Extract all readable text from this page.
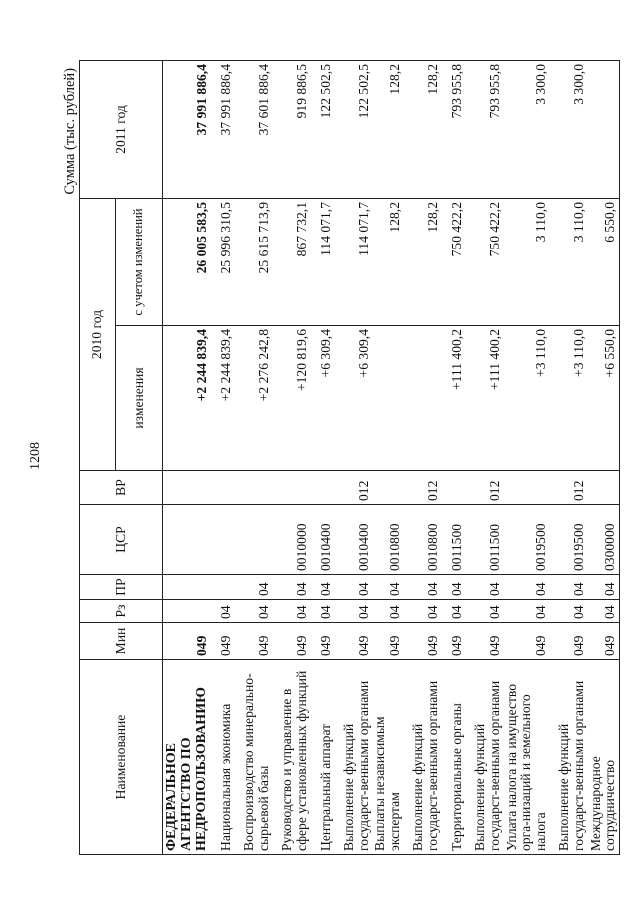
1208
Сумма (тыс. рублей)
Наименование	Мин	Рз	ПР	ЦСР	ВР	2010 год		2011 год
						изменения	с учетом изменений	
ФЕДЕРАЛЬНОЕ АГЕНТСТВО ПО НЕДРОПОЛЬЗОВАНИЮ	049					+2 244 839,4	26 005 583,5	37 991 886,4
Национальная экономика	049	04				+2 244 839,4	25 996 310,5	37 991 886,4
Воспроизводство минерально-сырьевой базы	049	04	04			+2 276 242,8	25 615 713,9	37 601 886,4
Руководство и управление в сфере установленных функций	049	04	04	0010000		+120 819,6	867 732,1	919 886,5
Центральный аппарат	049	04	04	0010400		+6 309,4	114 071,7	122 502,5
Выполнение функций государст-венными органами	049	04	04	0010400	012	+6 309,4	114 071,7	122 502,5
Выплаты независимым экспертам	049	04	04	0010800			128,2	128,2
Выполнение функций государст-венными органами	049	04	04	0010800	012		128,2	128,2
Территориальные органы	049	04	04	0011500		+111 400,2	750 422,2	793 955,8
Выполнение функций государст-венными органами	049	04	04	0011500	012	+111 400,2	750 422,2	793 955,8
Уплата налога на имущество орга-низаций и земельного налога	049	04	04	0019500		+3 110,0	3 110,0	3 300,0
Выполнение функций государст-венными органами	049	04	04	0019500	012	+3 110,0	3 110,0	3 300,0
Международное сотрудничество	049	04	04	0300000		+6 550,0	6 550,0	
